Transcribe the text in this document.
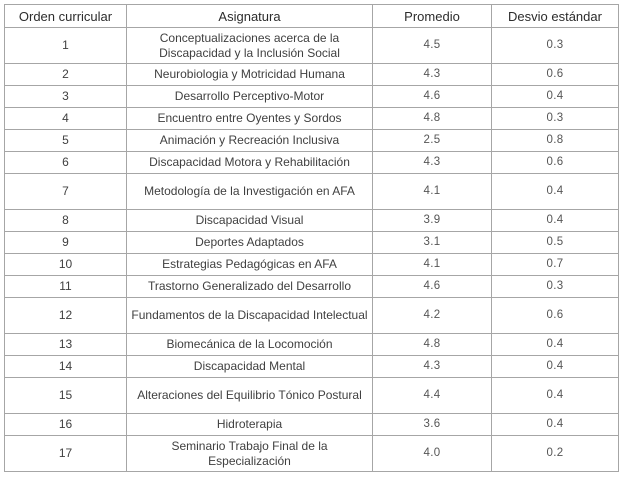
Orden curricular	Asignatura	Promedio	Desvio estándar
1	Conceptualizaciones acerca de la Discapacidad y la Inclusión Social	4.5	0.3
2	Neurobiologia y Motricidad Humana	4.3	0.6
3	Desarrollo Perceptivo-Motor	4.6	0.4
4	Encuentro entre Oyentes y Sordos	4.8	0.3
5	Animación y Recreación Inclusiva	2.5	0.8
6	Discapacidad Motora y Rehabilitación	4.3	0.6
7	Metodología de la Investigación en AFA	4.1	0.4
8	Discapacidad Visual	3.9	0.4
9	Deportes Adaptados	3.1	0.5
10	Estrategias Pedagógicas en AFA	4.1	0.7
11	Trastorno Generalizado del Desarrollo	4.6	0.3
12	Fundamentos de la Discapacidad Intelectual	4.2	0.6
13	Biomecánica de la Locomoción	4.8	0.4
14	Discapacidad Mental	4.3	0.4
15	Alteraciones del Equilibrio Tónico Postural	4.4	0.4
16	Hidroterapia	3.6	0.4
17	Seminario Trabajo Final de la Especialización	4.0	0.2
